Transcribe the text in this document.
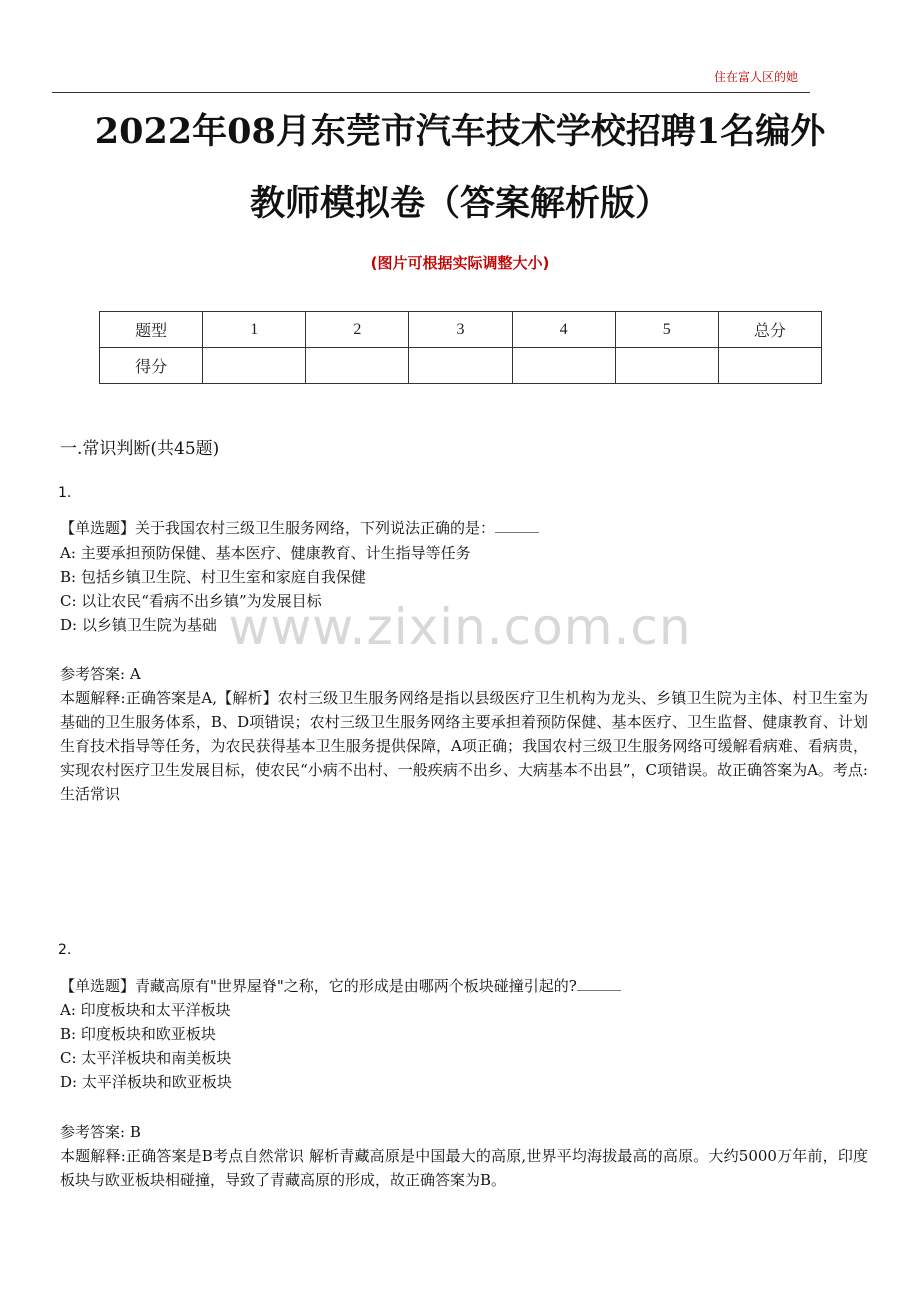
住在富人区的她
2022年08月东莞市汽车技术学校招聘1名编外
教师模拟卷（答案解析版）
(图片可根据实际调整大小)
题型	1	2	3	4	5	总分
得分						
一.常识判断(共45题)
www.zixin.com.cn
1.
【单选题】关于我国农村三级卫生服务网络，下列说法正确的是：
A: 主要承担预防保健、基本医疗、健康教育、计生指导等任务
B: 包括乡镇卫生院、村卫生室和家庭自我保健
C: 以让农民“看病不出乡镇”为发展目标
D: 以乡镇卫生院为基础
参考答案: A
本题解释:正确答案是A,【解析】农村三级卫生服务网络是指以县级医疗卫生机构为龙头、乡镇卫生院为主体、村卫生室为基础的卫生服务体系，B、D项错误；农村三级卫生服务网络主要承担着预防保健、基本医疗、卫生监督、健康教育、计划生育技术指导等任务，为农民获得基本卫生服务提供保障，A项正确；我国农村三级卫生服务网络可缓解看病难、看病贵，实现农村医疗卫生发展目标，使农民“小病不出村、一般疾病不出乡、大病基本不出县”，C项错误。故正确答案为A。考点:生活常识
2.
【单选题】青藏高原有"世界屋脊"之称，它的形成是由哪两个板块碰撞引起的?
A: 印度板块和太平洋板块
B: 印度板块和欧亚板块
C: 太平洋板块和南美板块
D: 太平洋板块和欧亚板块
参考答案: B
本题解释:正确答案是B考点自然常识 解析青藏高原是中国最大的高原,世界平均海拔最高的高原。大约5000万年前，印度板块与欧亚板块相碰撞，导致了青藏高原的形成，故正确答案为B。
